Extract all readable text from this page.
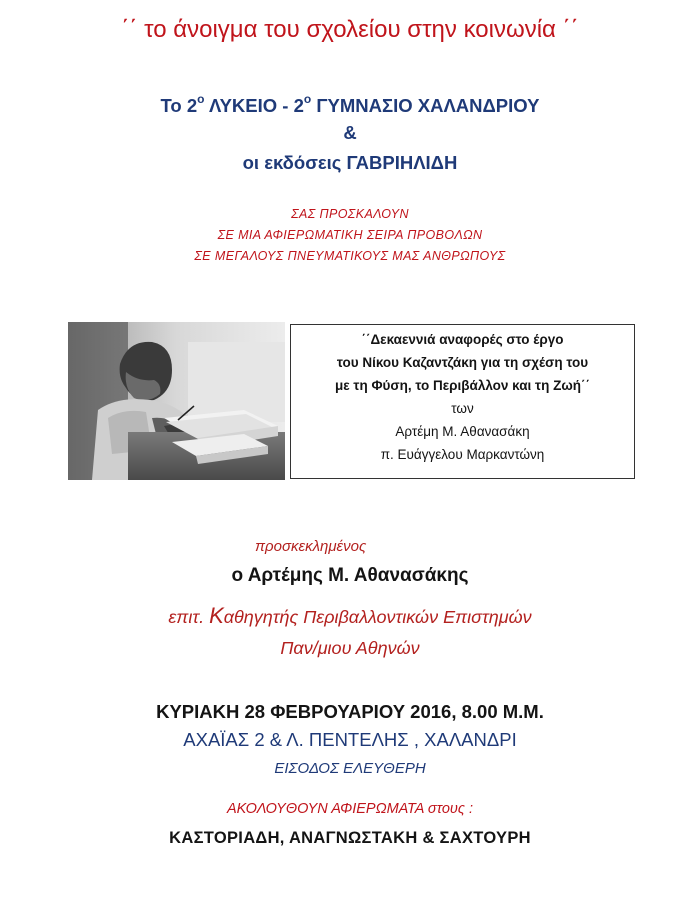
΄΄ το άνοιγμα του σχολείου στην κοινωνία ΄΄
Το $2^o$ ΛΥΚΕΙΟ - $2^o$ ΓΥΜΝΑΣΙΟ ΧΑΛΑΝΔΡΙΟΥ
&
οι εκδόσεις ΓΑΒΡΙΗΛΙΔΗ
ΣΑΣ ΠΡΟΣΚΑΛΟΥΝ
ΣΕ ΜΙΑ ΑΦΙΕΡΩΜΑΤΙΚΗ ΣΕΙΡΑ ΠΡΟΒΟΛΩΝ
ΣΕ ΜΕΓΑΛΟΥΣ ΠΝΕΥΜΑΤΙΚΟΥΣ ΜΑΣ ΑΝΘΡΩΠΟΥΣ
΄΄Δεκαεννιά αναφορές στο έργο
του Νίκου Καζαντζάκη για τη σχέση του
με τη Φύση, το Περιβάλλον και τη Ζωή΄΄
των
Αρτέμη Μ. Αθανασάκη
π. Ευάγγελου Μαρκαντώνη
προσκεκλημένος
ο Αρτέμης Μ. Αθανασάκης
επιτ. Καθηγητής Περιβαλλοντικών Επιστημών
Παν/μιου Αθηνών
ΚΥΡΙΑΚΗ 28 ΦΕΒΡΟΥΑΡΙΟΥ 2016, 8.00 Μ.Μ.
ΑΧΑΪΑΣ 2 & Λ. ΠΕΝΤΕΛΗΣ , ΧΑΛΑΝΔΡΙ
ΕΙΣΟΔΟΣ ΕΛΕΥΘΕΡΗ
ΑΚΟΛΟΥΘΟΥΝ ΑΦΙΕΡΩΜΑΤΑ στους :
ΚΑΣΤΟΡΙΑΔΗ, ΑΝΑΓΝΩΣΤΑΚΗ & ΣΑΧΤΟΥΡΗ
